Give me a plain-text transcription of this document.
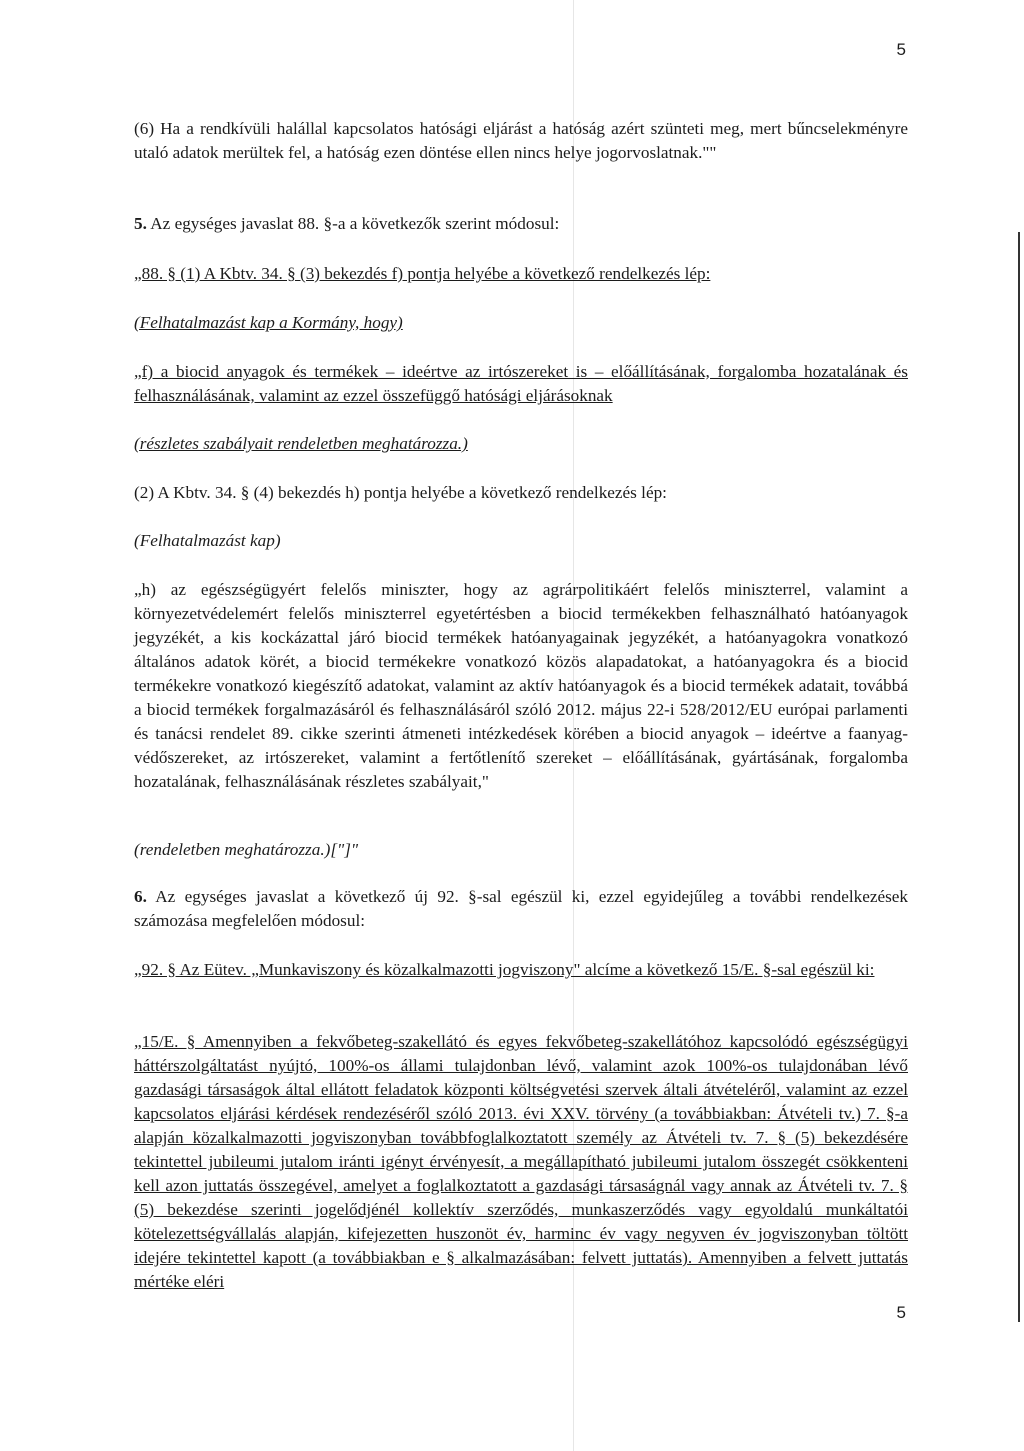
5

(6) Ha a rendkívüli halállal kapcsolatos hatósági eljárást a hatóság azért szünteti meg, mert bűncselekményre utaló adatok merültek fel, a hatóság ezen döntése ellen nincs helye jogorvoslatnak.""

5. Az egységes javaslat 88. §-a a következők szerint módosul:

„88. § (1) A Kbtv. 34. § (3) bekezdés f) pontja helyébe a következő rendelkezés lép:

(Felhatalmazást kap a Kormány, hogy)

„f) a biocid anyagok és termékek – ideértve az irtószereket is – előállításának, forgalomba hozatalának és felhasználásának, valamint az ezzel összefüggő hatósági eljárásoknak

(részletes szabályait rendeletben meghatározza.)

(2) A Kbtv. 34. § (4) bekezdés h) pontja helyébe a következő rendelkezés lép:

(Felhatalmazást kap)

„h) az egészségügyért felelős miniszter, hogy az agrárpolitikáért felelős miniszterrel, valamint a környezetvédelemért felelős miniszterrel egyetértésben a biocid termékekben felhasználható hatóanyagok jegyzékét, a kis kockázattal járó biocid termékek hatóanyagainak jegyzékét, a hatóanyagokra vonatkozó általános adatok körét, a biocid termékekre vonatkozó közös alapadatokat, a hatóanyagokra és a biocid termékekre vonatkozó kiegészítő adatokat, valamint az aktív hatóanyagok és a biocid termékek adatait, továbbá a biocid termékek forgalmazásáról és felhasználásáról szóló 2012. május 22-i 528/2012/EU európai parlamenti és tanácsi rendelet 89. cikke szerinti átmeneti intézkedések körében a biocid anyagok – ideértve a faanyag-védőszereket, az irtószereket, valamint a fertőtlenítő szereket – előállításának, gyártásának, forgalomba hozatalának, felhasználásának részletes szabályait,"

(rendeletben meghatározza.)["]"

6. Az egységes javaslat a következő új 92. §-sal egészül ki, ezzel egyidejűleg a további rendelkezések számozása megfelelően módosul:

„92. § Az Eütev. „Munkaviszony és közalkalmazotti jogviszony" alcíme a következő 15/E. §-sal egészül ki:

„15/E. § Amennyiben a fekvőbeteg-szakellátó és egyes fekvőbeteg-szakellátóhoz kapcsolódó egészségügyi háttérszolgáltatást nyújtó, 100%-os állami tulajdonban lévő, valamint azok 100%-os tulajdonában lévő gazdasági társaságok által ellátott feladatok központi költségvetési szervek általi átvételéről, valamint az ezzel kapcsolatos eljárási kérdések rendezéséről szóló 2013. évi XXV. törvény (a továbbiakban: Átvételi tv.) 7. §-a alapján közalkalmazotti jogviszonyban továbbfoglalkoztatott személy az Átvételi tv. 7. § (5) bekezdésére tekintettel jubileumi jutalom iránti igényt érvényesít, a megállapítható jubileumi jutalom összegét csökkenteni kell azon juttatás összegével, amelyet a foglalkoztatott a gazdasági társaságnál vagy annak az Átvételi tv. 7. § (5) bekezdése szerinti jogelődjénél kollektív szerződés, munkaszerződés vagy egyoldalú munkáltatói kötelezettségvállalás alapján, kifejezetten huszonöt év, harminc év vagy negyven év jogviszonyban töltött idejére tekintettel kapott (a továbbiakban e § alkalmazásában: felvett juttatás). Amennyiben a felvett juttatás mértéke eléri

5
